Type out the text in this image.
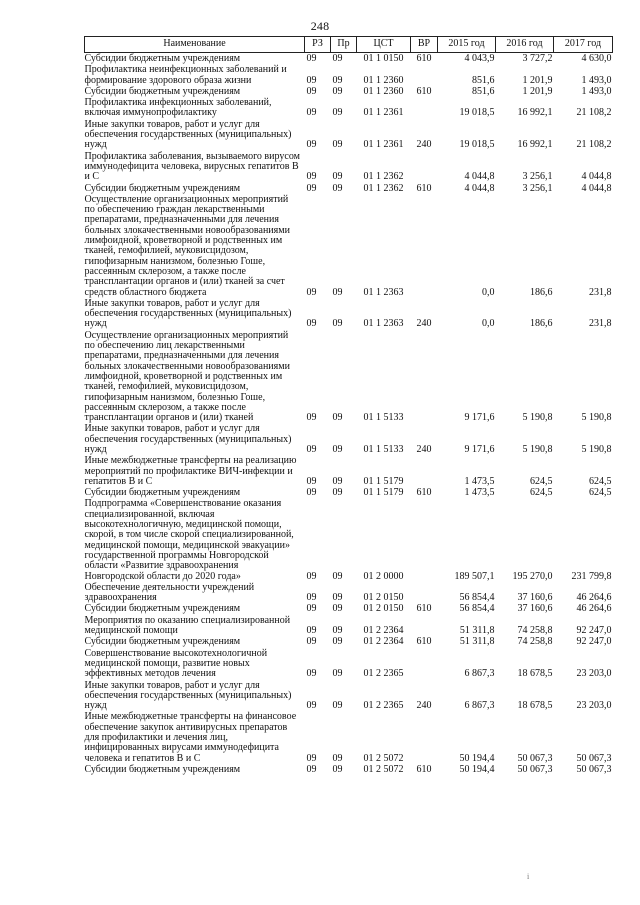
248
Наименование	РЗ	Пр	ЦСТ	ВР	2015 год	2016 год	2017 год
Субсидии бюджетным учреждениям	09	09	01 1 0150	610	4 043,9	3 727,2	4 630,0
Профилактика неинфекционных заболеваний и формирование здорового образа жизни	09	09	01 1 2360		851,6	1 201,9	1 493,0
Субсидии бюджетным учреждениям	09	09	01 1 2360	610	851,6	1 201,9	1 493,0
Профилактика инфекционных заболеваний, включая иммунопрофилактику	09	09	01 1 2361		19 018,5	16 992,1	21 108,2
Иные закупки товаров, работ и услуг для обеспечения государственных (муниципальных) нужд	09	09	01 1 2361	240	19 018,5	16 992,1	21 108,2
Профилактика заболевания, вызываемого вирусом иммунодефицита человека, вирусных гепатитов В и С	09	09	01 1 2362		4 044,8	3 256,1	4 044,8
Субсидии бюджетным учреждениям	09	09	01 1 2362	610	4 044,8	3 256,1	4 044,8
Осуществление организационных мероприятий по обеспечению граждан лекарственными препаратами, предназначенными для лечения больных злокачественными новообразованиями лимфоидной, кроветворной и родственных им тканей, гемофилией, муковисцидозом, гипофизарным нанизмом, болезнью Гоше, рассеянным склерозом, а также после трансплантации органов и (или) тканей за счет средств областного бюджета	09	09	01 1 2363		0,0	186,6	231,8
Иные закупки товаров, работ и услуг для обеспечения государственных (муниципальных) нужд	09	09	01 1 2363	240	0,0	186,6	231,8
Осуществление организационных мероприятий по обеспечению лиц лекарственными препаратами, предназначенными для лечения больных злокачественными новообразованиями лимфоидной, кроветворной и родственных им тканей, гемофилией, муковисцидозом, гипофизарным нанизмом, болезнью Гоше, рассеянным склерозом, а также после трансплантации органов и (или) тканей	09	09	01 1 5133		9 171,6	5 190,8	5 190,8
Иные закупки товаров, работ и услуг для обеспечения государственных (муниципальных) нужд	09	09	01 1 5133	240	9 171,6	5 190,8	5 190,8
Иные межбюджетные трансферты на реализацию мероприятий по профилактике ВИЧ-инфекции и гепатитов В и С	09	09	01 1 5179		1 473,5	624,5	624,5
Субсидии бюджетным учреждениям	09	09	01 1 5179	610	1 473,5	624,5	624,5
Подпрограмма «Совершенствование оказания специализированной, включая высокотехнологичную, медицинской помощи, скорой, в том числе скорой специализированной, медицинской помощи, медицинской эвакуации» государственной программы Новгородской области «Развитие здравоохранения Новгородской области до 2020 года»	09	09	01 2 0000		189 507,1	195 270,0	231 799,8
Обеспечение деятельности учреждений здравоохранения	09	09	01 2 0150		56 854,4	37 160,6	46 264,6
Субсидии бюджетным учреждениям	09	09	01 2 0150	610	56 854,4	37 160,6	46 264,6
Мероприятия по оказанию специализированной медицинской помощи	09	09	01 2 2364		51 311,8	74 258,8	92 247,0
Субсидии бюджетным учреждениям	09	09	01 2 2364	610	51 311,8	74 258,8	92 247,0
Совершенствование высокотехнологичной медицинской помощи, развитие новых эффективных методов лечения	09	09	01 2 2365		6 867,3	18 678,5	23 203,0
Иные закупки товаров, работ и услуг для обеспечения государственных (муниципальных) нужд	09	09	01 2 2365	240	6 867,3	18 678,5	23 203,0
Иные межбюджетные трансферты на финансовое обеспечение закупок антивирусных препаратов для профилактики и лечения лиц, инфицированных вирусами иммунодефицита человека и гепатитов В и С	09	09	01 2 5072		50 194,4	50 067,3	50 067,3
Субсидии бюджетным учреждениям	09	09	01 2 5072	610	50 194,4	50 067,3	50 067,3
i
